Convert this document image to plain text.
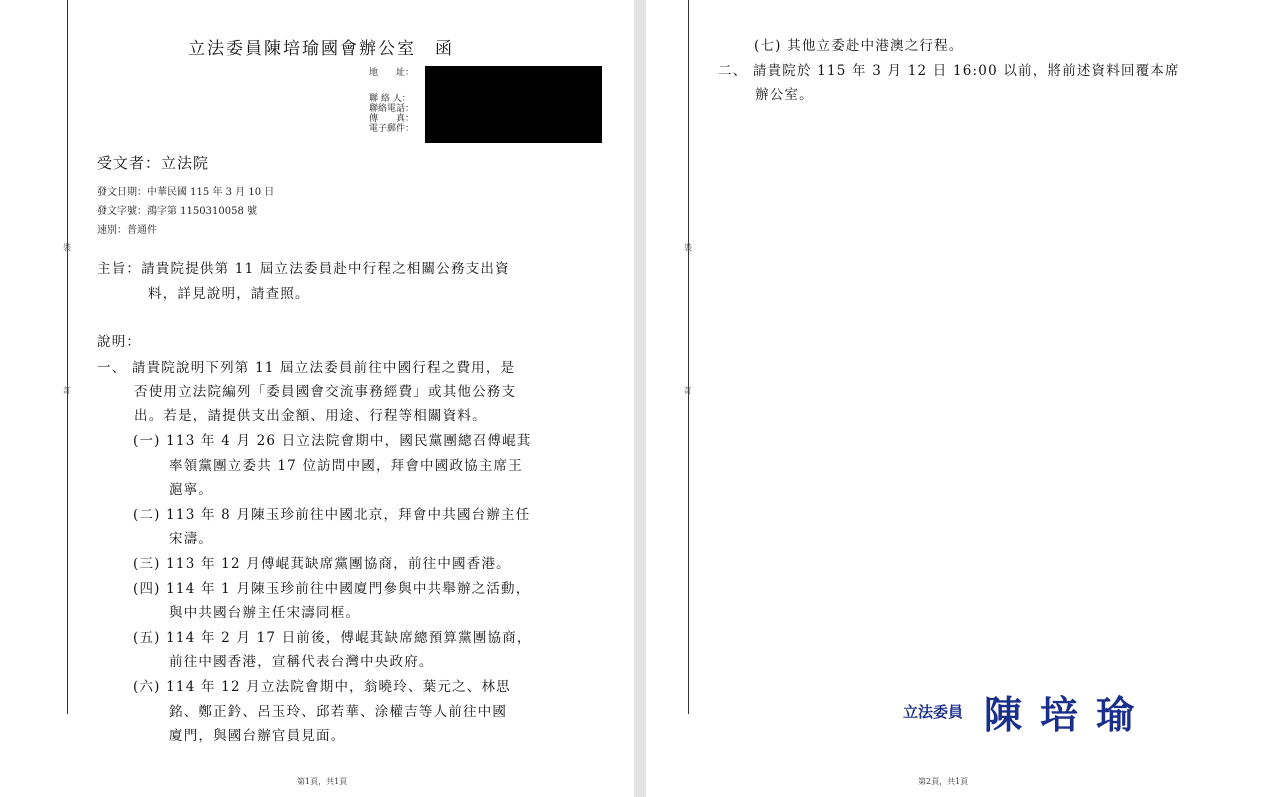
裝
訂
立法委員陳培瑜國會辦公室　函
地　　址：
聯 絡 人：
聯絡電話：
傳　　真：
電子郵件：
受文者：立法院
發文日期：中華民國 115 年 3 月 10 日
發文字號：鴻字第 1150310058 號
速別：普通件
主旨：請貴院提供第 11 屆立法委員赴中行程之相關公務支出資
料，詳見說明，請查照。
說明：
一、 請貴院說明下列第 11 屆立法委員前往中國行程之費用，是
否使用立法院編列「委員國會交流事務經費」或其他公務支
出。若是，請提供支出金額、用途、行程等相關資料。
(一) 113 年 4 月 26 日立法院會期中，國民黨團總召傅崐萁
率領黨團立委共 17 位訪問中國，拜會中國政協主席王
滬寧。
(二) 113 年 8 月陳玉珍前往中國北京，拜會中共國台辦主任
宋濤。
(三) 113 年 12 月傅崐萁缺席黨團協商，前往中國香港。
(四) 114 年 1 月陳玉珍前往中國廈門參與中共舉辦之活動，
與中共國台辦主任宋濤同框。
(五) 114 年 2 月 17 日前後，傅崐萁缺席總預算黨團協商，
前往中國香港，宣稱代表台灣中央政府。
(六) 114 年 12 月立法院會期中，翁曉玲、葉元之、林思
銘、鄭正鈐、呂玉玲、邱若華、涂權吉等人前往中國
廈門，與國台辦官員見面。
第1頁，共1頁
裝
訂
(七) 其他立委赴中港澳之行程。
二、 請貴院於 115 年 3 月 12 日 16:00 以前，將前述資料回覆本席
辦公室。
立法委員 陳培瑜
第2頁，共1頁
